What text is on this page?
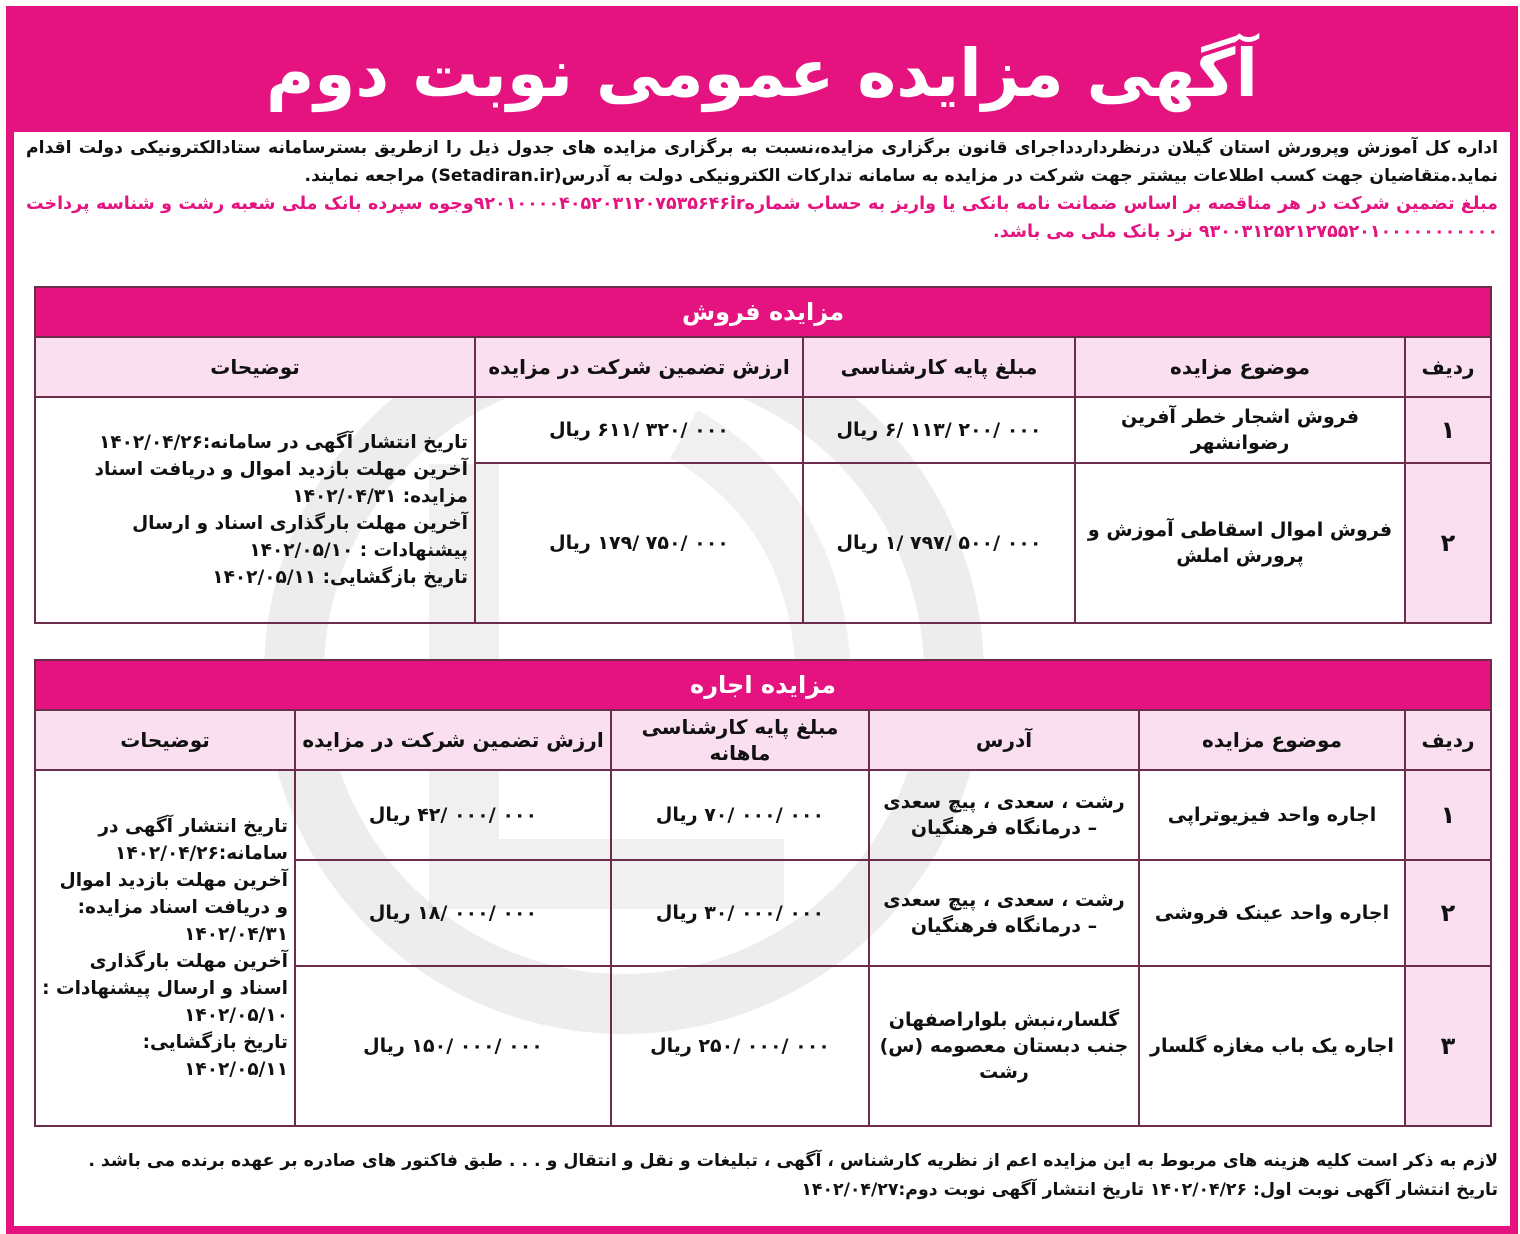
آگهی مزایده عمومی نوبت دوم

اداره کل آموزش وپرورش استان گیلان درنظرداردداجرای قانون برگزاری مزایده،نسبت به برگزاری مزایده های جدول ذیل را ازطریق بسترسامانه ستادالکترونیکی دولت اقدام نماید.متقاضیان جهت کسب اطلاعات بیشتر جهت شرکت در مزایده به سامانه تدارکات الکترونیکی دولت به آدرس(Setadiran.ir) مراجعه نمایند.

مبلغ تضمین شرکت در هر مناقصه بر اساس ضمانت نامه بانکی یا واریز به حساب شماره۹۲۰۱۰۰۰۰۴۰۵۲۰۳۱۲۰۷۵۳۵۶۴۶irوجوه سپرده بانک ملی شعبه رشت و شناسه پرداخت ۹۳۰۰۳۱۲۵۲۱۲۷۵۵۲۰۱۰۰۰۰۰۰۰۰۰۰۰ نزد بانک ملی می باشد.

مزایده فروش				
ردیف	موضوع مزایده	مبلغ پایه کارشناسی	ارزش تضمین شرکت در مزایده	توضیحات
۱	فروش اشجار خطر آفرین رضوانشهر	۰۰۰ /۲۰۰ /۱۱۳ /۶ ریال	۰۰۰ /۳۲۰ /۶۱۱ ریال	تاریخ انتشار آگهی در سامانه:۱۴۰۲/۰۴/۲۶
آخرین مهلت بازدید اموال و دریافت اسناد مزایده: ۱۴۰۲/۰۴/۳۱
آخرین مهلت بارگذاری اسناد و ارسال پیشنهادات : ۱۴۰۲/۰۵/۱۰
تاریخ بازگشایی: ۱۴۰۲/۰۵/۱۱

۲	فروش اموال اسقاطی آموزش و پرورش املش	۰۰۰ /۵۰۰ /۷۹۷ /۱ ریال	۰۰۰ /۷۵۰ /۱۷۹ ریال	
مزایده اجاره					
ردیف	موضوع مزایده	آدرس	مبلغ پایه کارشناسی ماهانه	ارزش تضمین شرکت در مزایده	توضیحات
۱	اجاره واحد فیزیوتراپی	رشت ، سعدی ، پیچ سعدی – درمانگاه فرهنگیان	۰۰۰ /۰۰۰ /۷۰ ریال	۰۰۰ /۰۰۰ /۴۲ ریال	تاریخ انتشار آگهی در سامانه:۱۴۰۲/۰۴/۲۶
آخرین مهلت بازدید اموال و دریافت اسناد مزایده: ۱۴۰۲/۰۴/۳۱
آخرین مهلت بارگذاری اسناد و ارسال پیشنهادات : ۱۴۰۲/۰۵/۱۰
تاریخ بازگشایی: ۱۴۰۲/۰۵/۱۱

۲	اجاره واحد عینک فروشی	رشت ، سعدی ، پیچ سعدی – درمانگاه فرهنگیان	۰۰۰ /۰۰۰ /۳۰ ریال	۰۰۰ /۰۰۰ /۱۸ ریال	
۳	اجاره یک باب مغازه گلسار	گلسار،نبش بلواراصفهان جنب دبستان معصومه (س) رشت	۰۰۰ /۰۰۰ /۲۵۰ ریال	۰۰۰ /۰۰۰ /۱۵۰ ریال	

لازم به ذکر است کلیه هزینه های مربوط به این مزایده اعم از نظریه کارشناس ، آگهی ، تبلیغات و نقل و انتقال و . . . طبق فاکتور های صادره بر عهده برنده می باشد .

تاریخ انتشار آگهی نوبت اول: ۱۴۰۲/۰۴/۲۶ تاریخ انتشار آگهی نوبت دوم:۱۴۰۲/۰۴/۲۷
